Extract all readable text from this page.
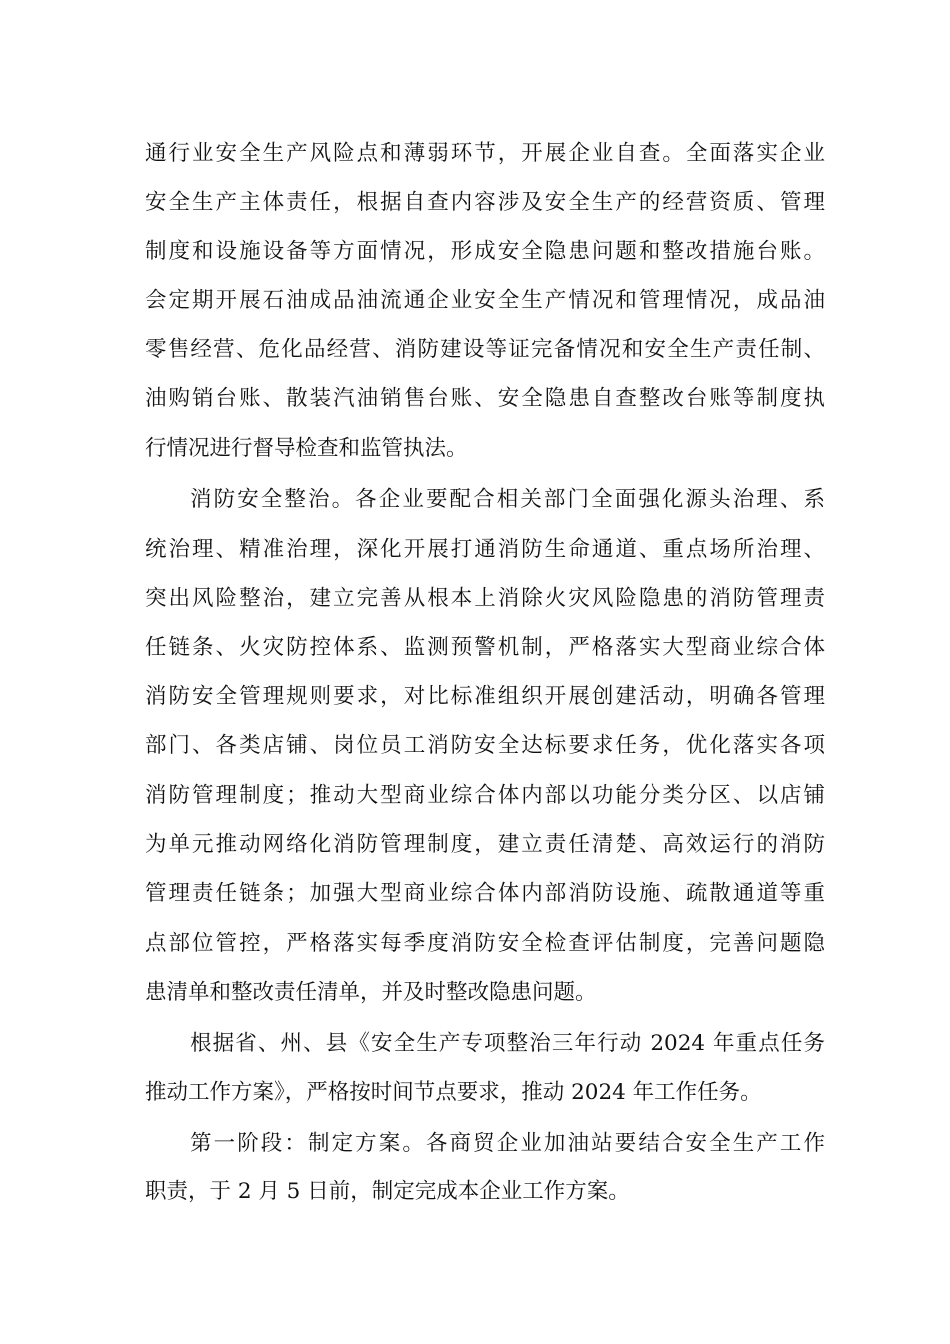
通行业安全生产风险点和薄弱环节，开展企业自查。全面落实企业
安全生产主体责任，根据自查内容涉及安全生产的经营资质、管理
制度和设施设备等方面情况，形成安全隐患问题和整改措施台账。
会定期开展石油成品油流通企业安全生产情况和管理情况，成品油
零售经营、危化品经营、消防建设等证完备情况和安全生产责任制、
油购销台账、散装汽油销售台账、安全隐患自查整改台账等制度执
行情况进行督导检查和监管执法。
消防安全整治。各企业要配合相关部门全面强化源头治理、系
统治理、精准治理，深化开展打通消防生命通道、重点场所治理、
突出风险整治，建立完善从根本上消除火灾风险隐患的消防管理责
任链条、火灾防控体系、监测预警机制，严格落实大型商业综合体
消防安全管理规则要求，对比标准组织开展创建活动，明确各管理
部门、各类店铺、岗位员工消防安全达标要求任务，优化落实各项
消防管理制度；推动大型商业综合体内部以功能分类分区、以店铺
为单元推动网络化消防管理制度，建立责任清楚、高效运行的消防
管理责任链条；加强大型商业综合体内部消防设施、疏散通道等重
点部位管控，严格落实每季度消防安全检查评估制度，完善问题隐
患清单和整改责任清单，并及时整改隐患问题。
根据省、州、县《安全生产专项整治三年行动 2024 年重点任务
推动工作方案》，严格按时间节点要求，推动 2024 年工作任务。
第一阶段：制定方案。各商贸企业加油站要结合安全生产工作
职责，于 2 月 5 日前，制定完成本企业工作方案。
